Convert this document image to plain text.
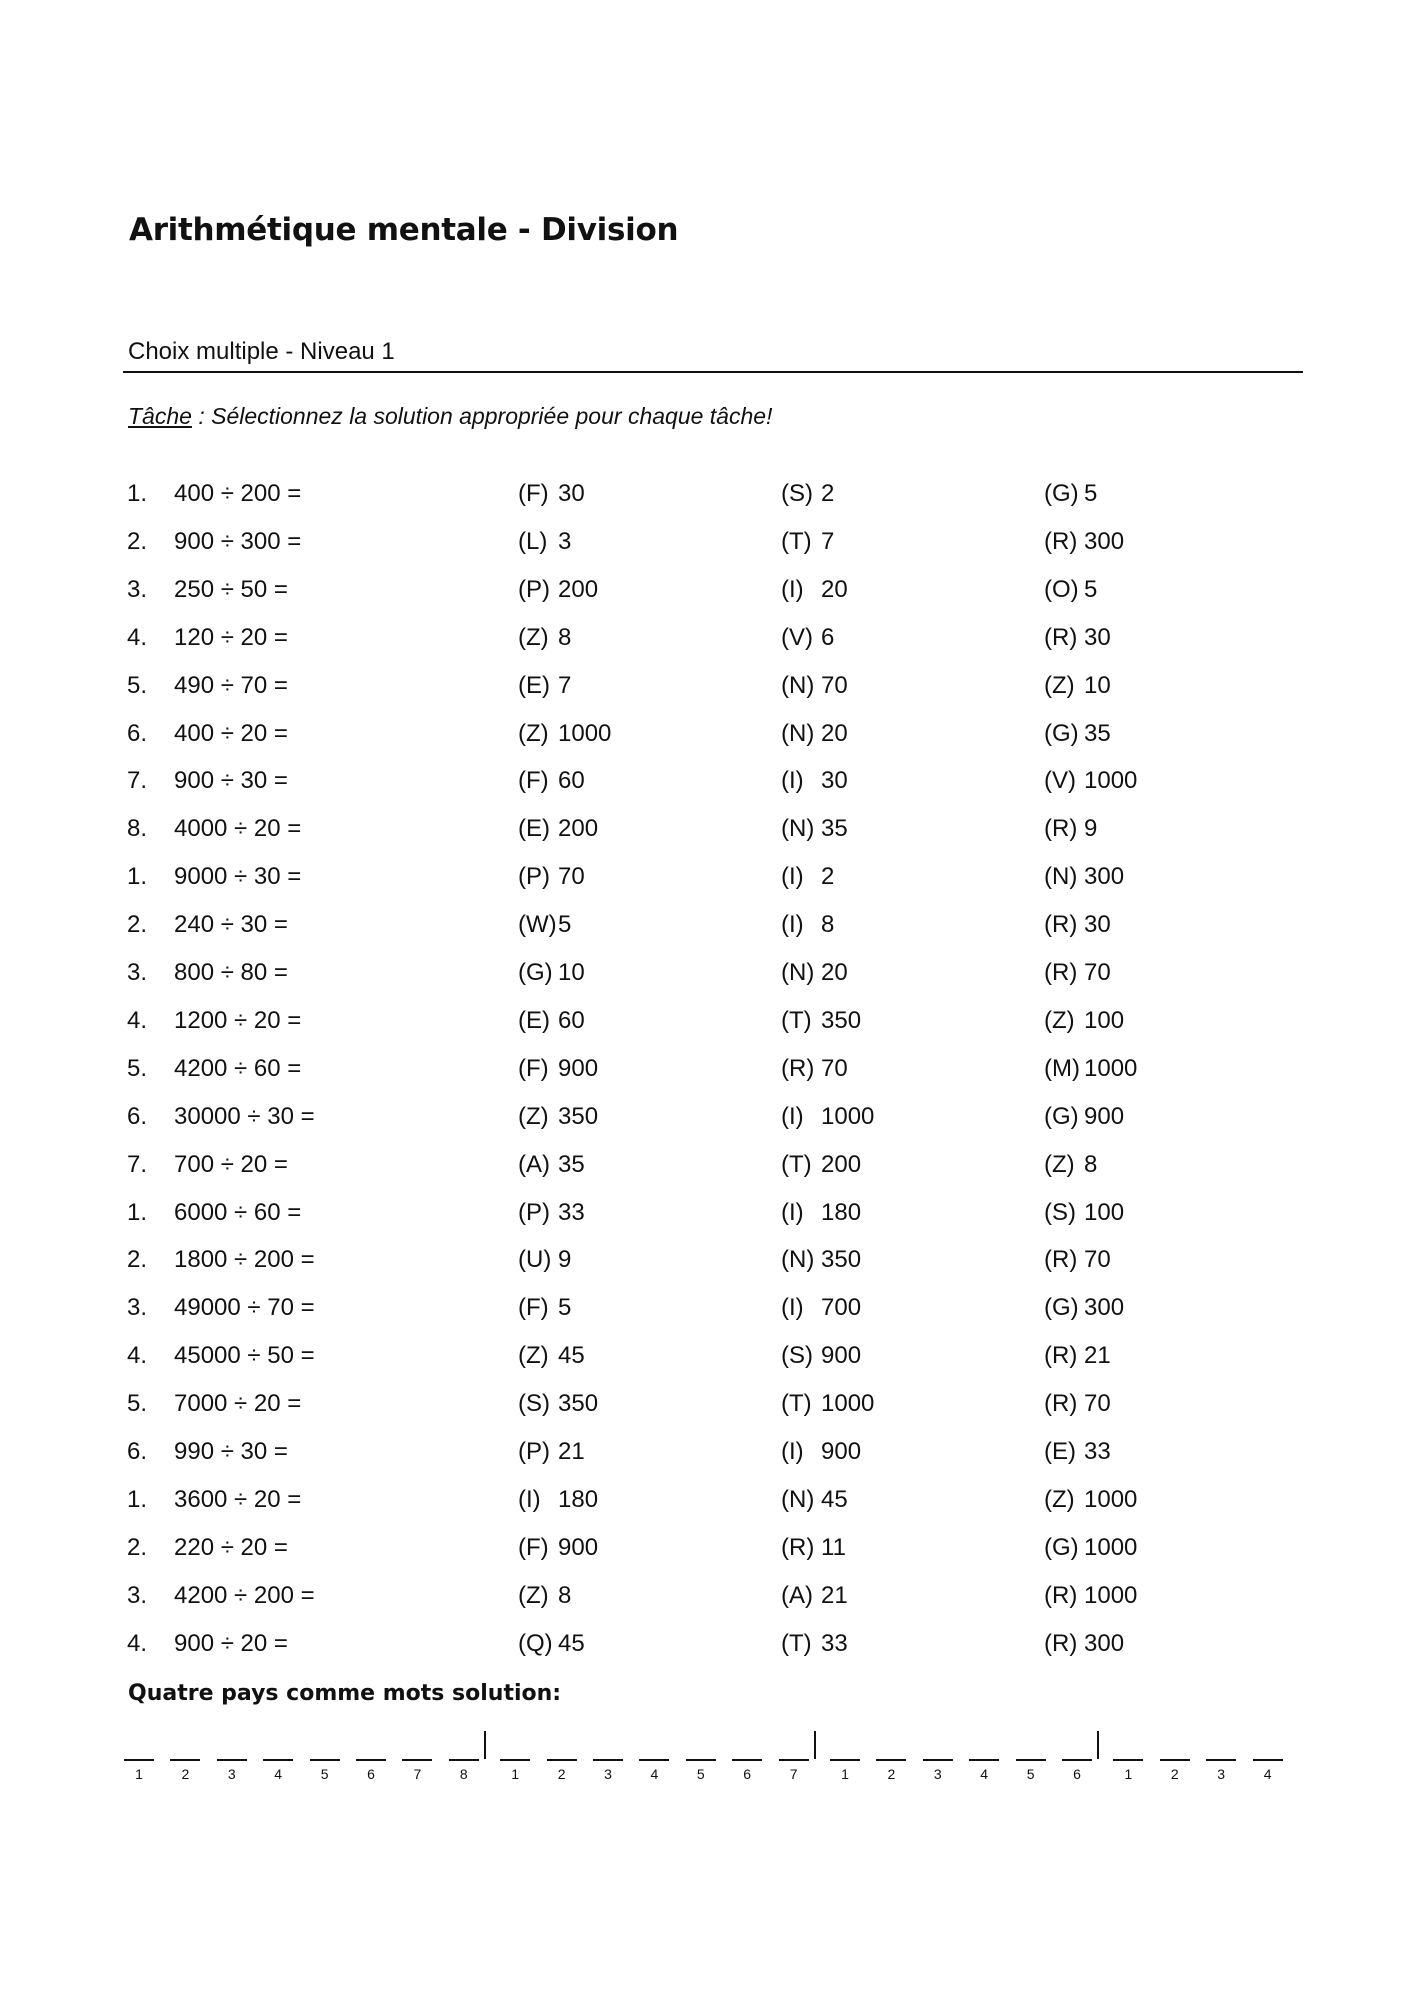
Arithmétique mentale - Division
Choix multiple - Niveau 1
Tâche : Sélectionnez la solution appropriée pour chaque tâche!
1. 400 ÷ 200 =	(F) 30	(S) 2	(G) 5
2. 900 ÷ 300 =	(L) 3	(T) 7	(R) 300
3. 250 ÷ 50 =	(P) 200	(I) 20	(O) 5
4. 120 ÷ 20 =	(Z) 8	(V) 6	(R) 30
5. 490 ÷ 70 =	(E) 7	(N) 70	(Z) 10
6. 400 ÷ 20 =	(Z) 1000	(N) 20	(G) 35
7. 900 ÷ 30 =	(F) 60	(I) 30	(V) 1000
8. 4000 ÷ 20 =	(E) 200	(N) 35	(R) 9
1. 9000 ÷ 30 =	(P) 70	(I) 2	(N) 300
2. 240 ÷ 30 =	(W)5	(I) 8	(R) 30
3. 800 ÷ 80 =	(G) 10	(N) 20	(R) 70
4. 1200 ÷ 20 =	(E) 60	(T) 350	(Z) 100
5. 4200 ÷ 60 =	(F) 900	(R) 70	(M) 1000
6. 30000 ÷ 30 =	(Z) 350	(I) 1000	(G) 900
7. 700 ÷ 20 =	(A) 35	(T) 200	(Z) 8
1. 6000 ÷ 60 =	(P) 33	(I) 180	(S) 100
2. 1800 ÷ 200 =	(U) 9	(N) 350	(R) 70
3. 49000 ÷ 70 =	(F) 5	(I) 700	(G) 300
4. 45000 ÷ 50 =	(Z) 45	(S) 900	(R) 21
5. 7000 ÷ 20 =	(S) 350	(T) 1000	(R) 70
6. 990 ÷ 30 =	(P) 21	(I) 900	(E) 33
1. 3600 ÷ 20 =	(I) 180	(N) 45	(Z) 1000
2. 220 ÷ 20 =	(F) 900	(R) 11	(G) 1000
3. 4200 ÷ 200 =	(Z) 8	(A) 21	(R) 1000
4. 900 ÷ 20 =	(Q) 45	(T) 33	(R) 300
Quatre pays comme mots solution:
1	2	3	4	5	6	7	8	1	2	3	4	5	6	7	1	2	3	4	5	6	1	2	3	4
